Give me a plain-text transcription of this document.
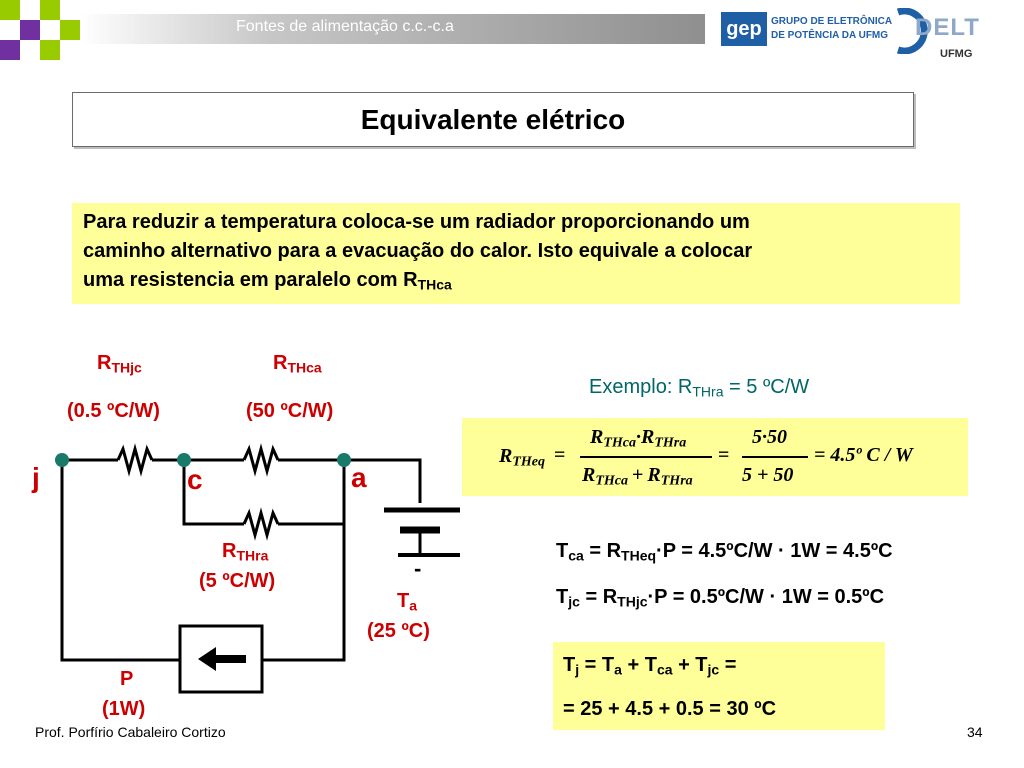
Fontes de alimentação c.c.-c.a	gep GRUPO DE ELETRÔNICA
DE POTÊNCIA DA UFMG DELT
UFMG
Equivalente elétrico
Para reduzir a temperatura coloca-se um radiador proporcionando um
caminho alternativo para a evacuação do calor. Isto equivale a colocar
uma resistencia em paralelo com $R_{THca}$
$R_{THjc}$
(0.5 ºC/W)
$R_{THca}$
(50 ºC/W)
$R_{THra}$
(5 ºC/W)
j	c	a
$T_a$
(25 ºC)
-
P
(1W)
Exemplo: $R_{THra} = 5$ ºC/W
$R_{THeq}$ =
$R_{THca}\cdot R_{THra}$
$R_{THca} + R_{THra}$
=
5·50
5 + 50
= 4.5º C / W
$T_{ca} = R_{THeq}\cdot P$ = 4.5ºC/W · 1W = 4.5ºC
$T_{jc} = R_{THjc}\cdot P$ = 0.5ºC/W · 1W = 0.5ºC
$T_j = T_a + T_{ca} + T_{jc}$ =
= 25 + 4.5 + 0.5 = 30 ºC
Prof. Porfírio Cabaleiro Cortizo	34
